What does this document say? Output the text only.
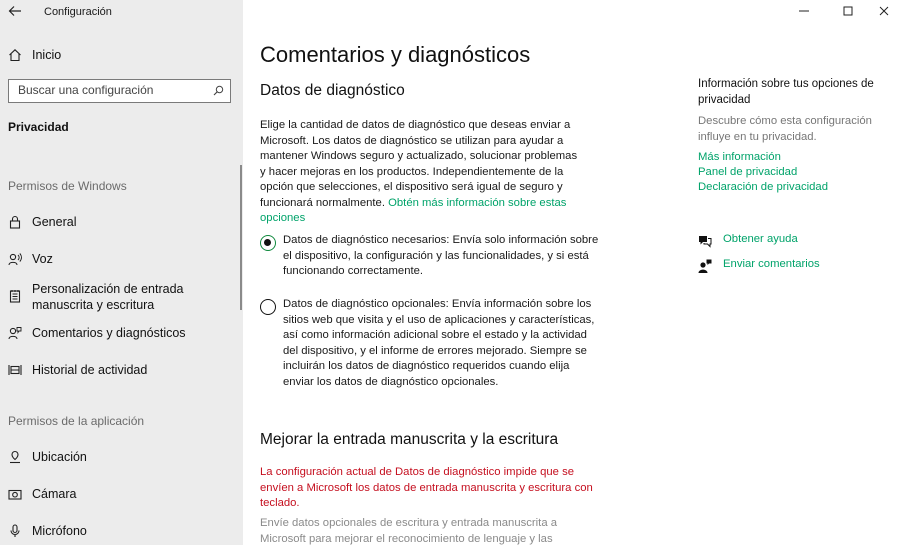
Configuración
Inicio
Buscar una configuración
Privacidad
Permisos de Windows
General
Voz
Personalización de entrada manuscrita y escritura
Comentarios y diagnósticos
Historial de actividad
Permisos de la aplicación
Ubicación
Cámara
Micrófono
Comentarios y diagnósticos
Datos de diagnóstico
Elige la cantidad de datos de diagnóstico que deseas enviar a Microsoft. Los datos de diagnóstico se utilizan para ayudar a mantener Windows seguro y actualizado, solucionar problemas y hacer mejoras en los productos. Independientemente de la opción que selecciones, el dispositivo será igual de seguro y funcionará normalmente. Obtén más información sobre estas opciones
Datos de diagnóstico necesarios: Envía solo información sobre el dispositivo, la configuración y las funcionalidades, y si está funcionando correctamente.
Datos de diagnóstico opcionales: Envía información sobre los sitios web que visita y el uso de aplicaciones y características, así como información adicional sobre el estado y la actividad del dispositivo, y el informe de errores mejorado. Siempre se incluirán los datos de diagnóstico requeridos cuando elija enviar los datos de diagnóstico opcionales.
Mejorar la entrada manuscrita y la escritura
La configuración actual de Datos de diagnóstico impide que se envíen a Microsoft los datos de entrada manuscrita y escritura con teclado.
Envíe datos opcionales de escritura y entrada manuscrita a Microsoft para mejorar el reconocimiento de lenguaje y las
Información sobre tus opciones de privacidad
Descubre cómo esta configuración influye en tu privacidad.
Más información
Panel de privacidad
Declaración de privacidad
Obtener ayuda
Enviar comentarios
